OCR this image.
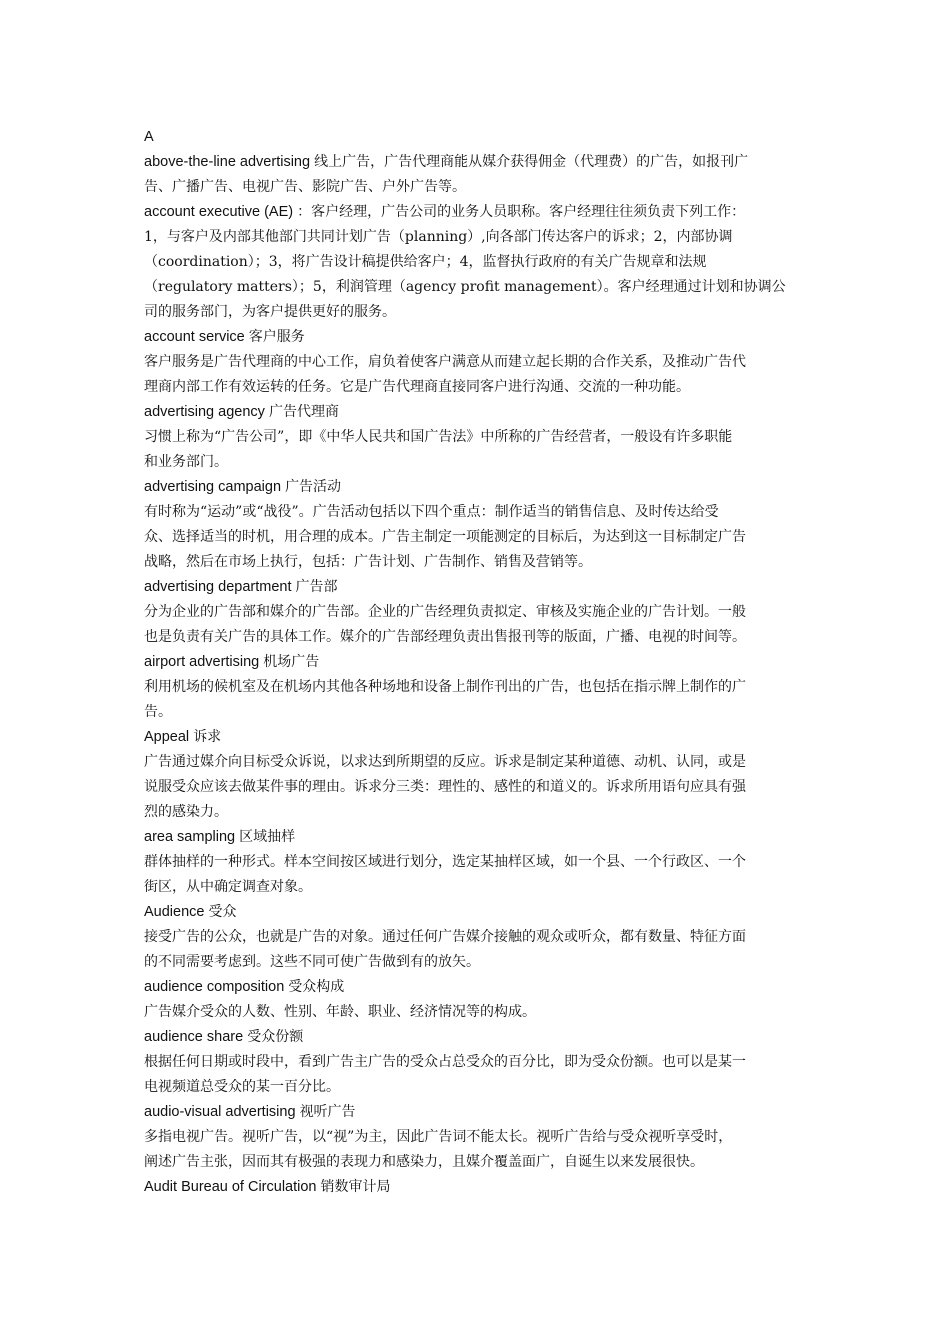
A

above-the-line advertising 线上广告，广告代理商能从媒介获得佣金（代理费）的广告，如报刊广

告、广播广告、电视广告、影院广告、户外广告等。

account executive (AE) ：客户经理，广告公司的业务人员职称。客户经理往往须负责下列工作：

1，与客户及内部其他部门共同计划广告（planning）,向各部门传达客户的诉求；2，内部协调

（coordination）；3，将广告设计稿提供给客户；4，监督执行政府的有关广告规章和法规

（regulatory matters）；5，利润管理（agency profit management）。客户经理通过计划和协调公

司的服务部门，为客户提供更好的服务。

account service 客户服务

客户服务是广告代理商的中心工作，肩负着使客户满意从而建立起长期的合作关系，及推动广告代

理商内部工作有效运转的任务。它是广告代理商直接同客户进行沟通、交流的一种功能。

advertising agency 广告代理商

习惯上称为“广告公司”，即《中华人民共和国广告法》中所称的广告经营者，一般设有许多职能

和业务部门。

advertising campaign 广告活动

有时称为“运动”或“战役”。广告活动包括以下四个重点：制作适当的销售信息、及时传达给受

众、选择适当的时机，用合理的成本。广告主制定一项能测定的目标后，为达到这一目标制定广告

战略，然后在市场上执行，包括：广告计划、广告制作、销售及营销等。

advertising department 广告部

分为企业的广告部和媒介的广告部。企业的广告经理负责拟定、审核及实施企业的广告计划。一般

也是负责有关广告的具体工作。媒介的广告部经理负责出售报刊等的版面，广播、电视的时间等。

airport advertising 机场广告

利用机场的候机室及在机场内其他各种场地和设备上制作刊出的广告，也包括在指示牌上制作的广

告。

Appeal 诉求

广告通过媒介向目标受众诉说，以求达到所期望的反应。诉求是制定某种道德、动机、认同，或是

说服受众应该去做某件事的理由。诉求分三类：理性的、感性的和道义的。诉求所用语句应具有强

烈的感染力。

area sampling 区域抽样

群体抽样的一种形式。样本空间按区域进行划分，选定某抽样区域，如一个县、一个行政区、一个

街区，从中确定调查对象。

Audience 受众

接受广告的公众，也就是广告的对象。通过任何广告媒介接触的观众或听众，都有数量、特征方面

的不同需要考虑到。这些不同可使广告做到有的放矢。

audience composition 受众构成

广告媒介受众的人数、性别、年龄、职业、经济情况等的构成。

audience share 受众份额

根据任何日期或时段中，看到广告主广告的受众占总受众的百分比，即为受众份额。也可以是某一

电视频道总受众的某一百分比。

audio-visual advertising 视听广告

多指电视广告。视听广告，以“视”为主，因此广告词不能太长。视听广告给与受众视听享受时，

阐述广告主张，因而其有极强的表现力和感染力，且媒介覆盖面广，自诞生以来发展很快。

Audit Bureau of Circulation 销数审计局
